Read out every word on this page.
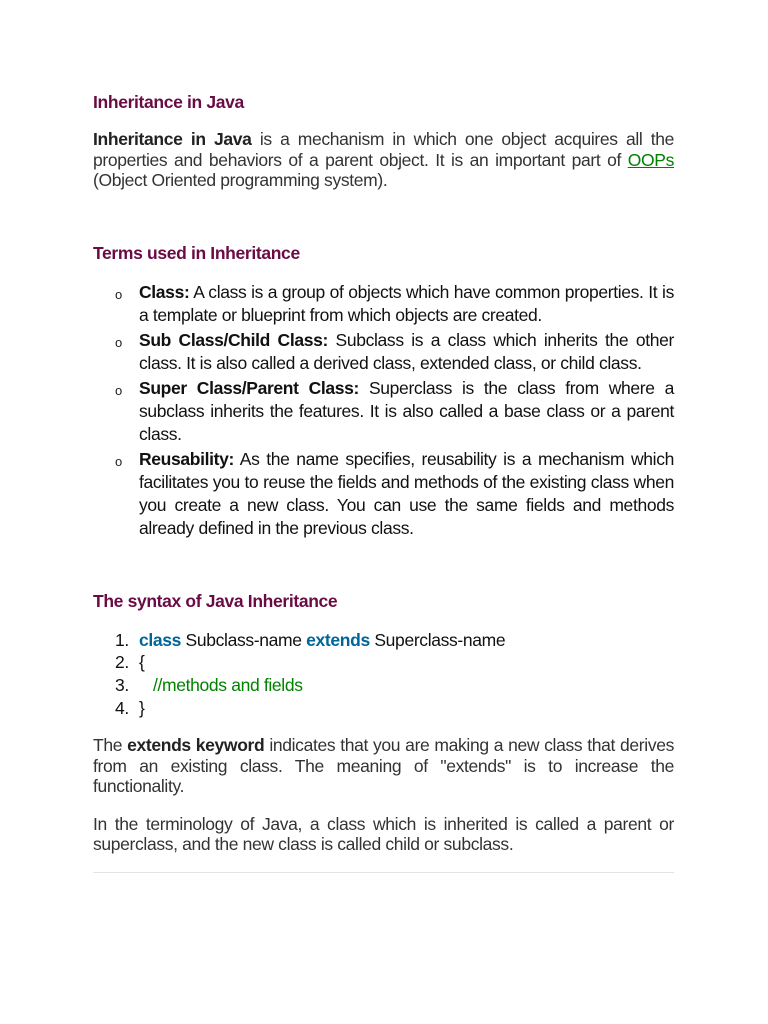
Inheritance in Java

Inheritance in Java is a mechanism in which one object acquires all the properties and behaviors of a parent object. It is an important part of OOPs (Object Oriented programming system).

Terms used in Inheritance
o Class: A class is a group of objects which have common properties. It is a template or blueprint from which objects are created.
o Sub Class/Child Class: Subclass is a class which inherits the other class. It is also called a derived class, extended class, or child class.
o Super Class/Parent Class: Superclass is the class from where a subclass inherits the features. It is also called a base class or a parent class.
o Reusability: As the name specifies, reusability is a mechanism which facilitates you to reuse the fields and methods of the existing class when you create a new class. You can use the same fields and methods already defined in the previous class.
The syntax of Java Inheritance
1. class Subclass-name extends Superclass-name
2. {
3. //methods and fields
4. }

The extends keyword indicates that you are making a new class that derives from an existing class. The meaning of "extends" is to increase the functionality.

In the terminology of Java, a class which is inherited is called a parent or superclass, and the new class is called child or subclass.
